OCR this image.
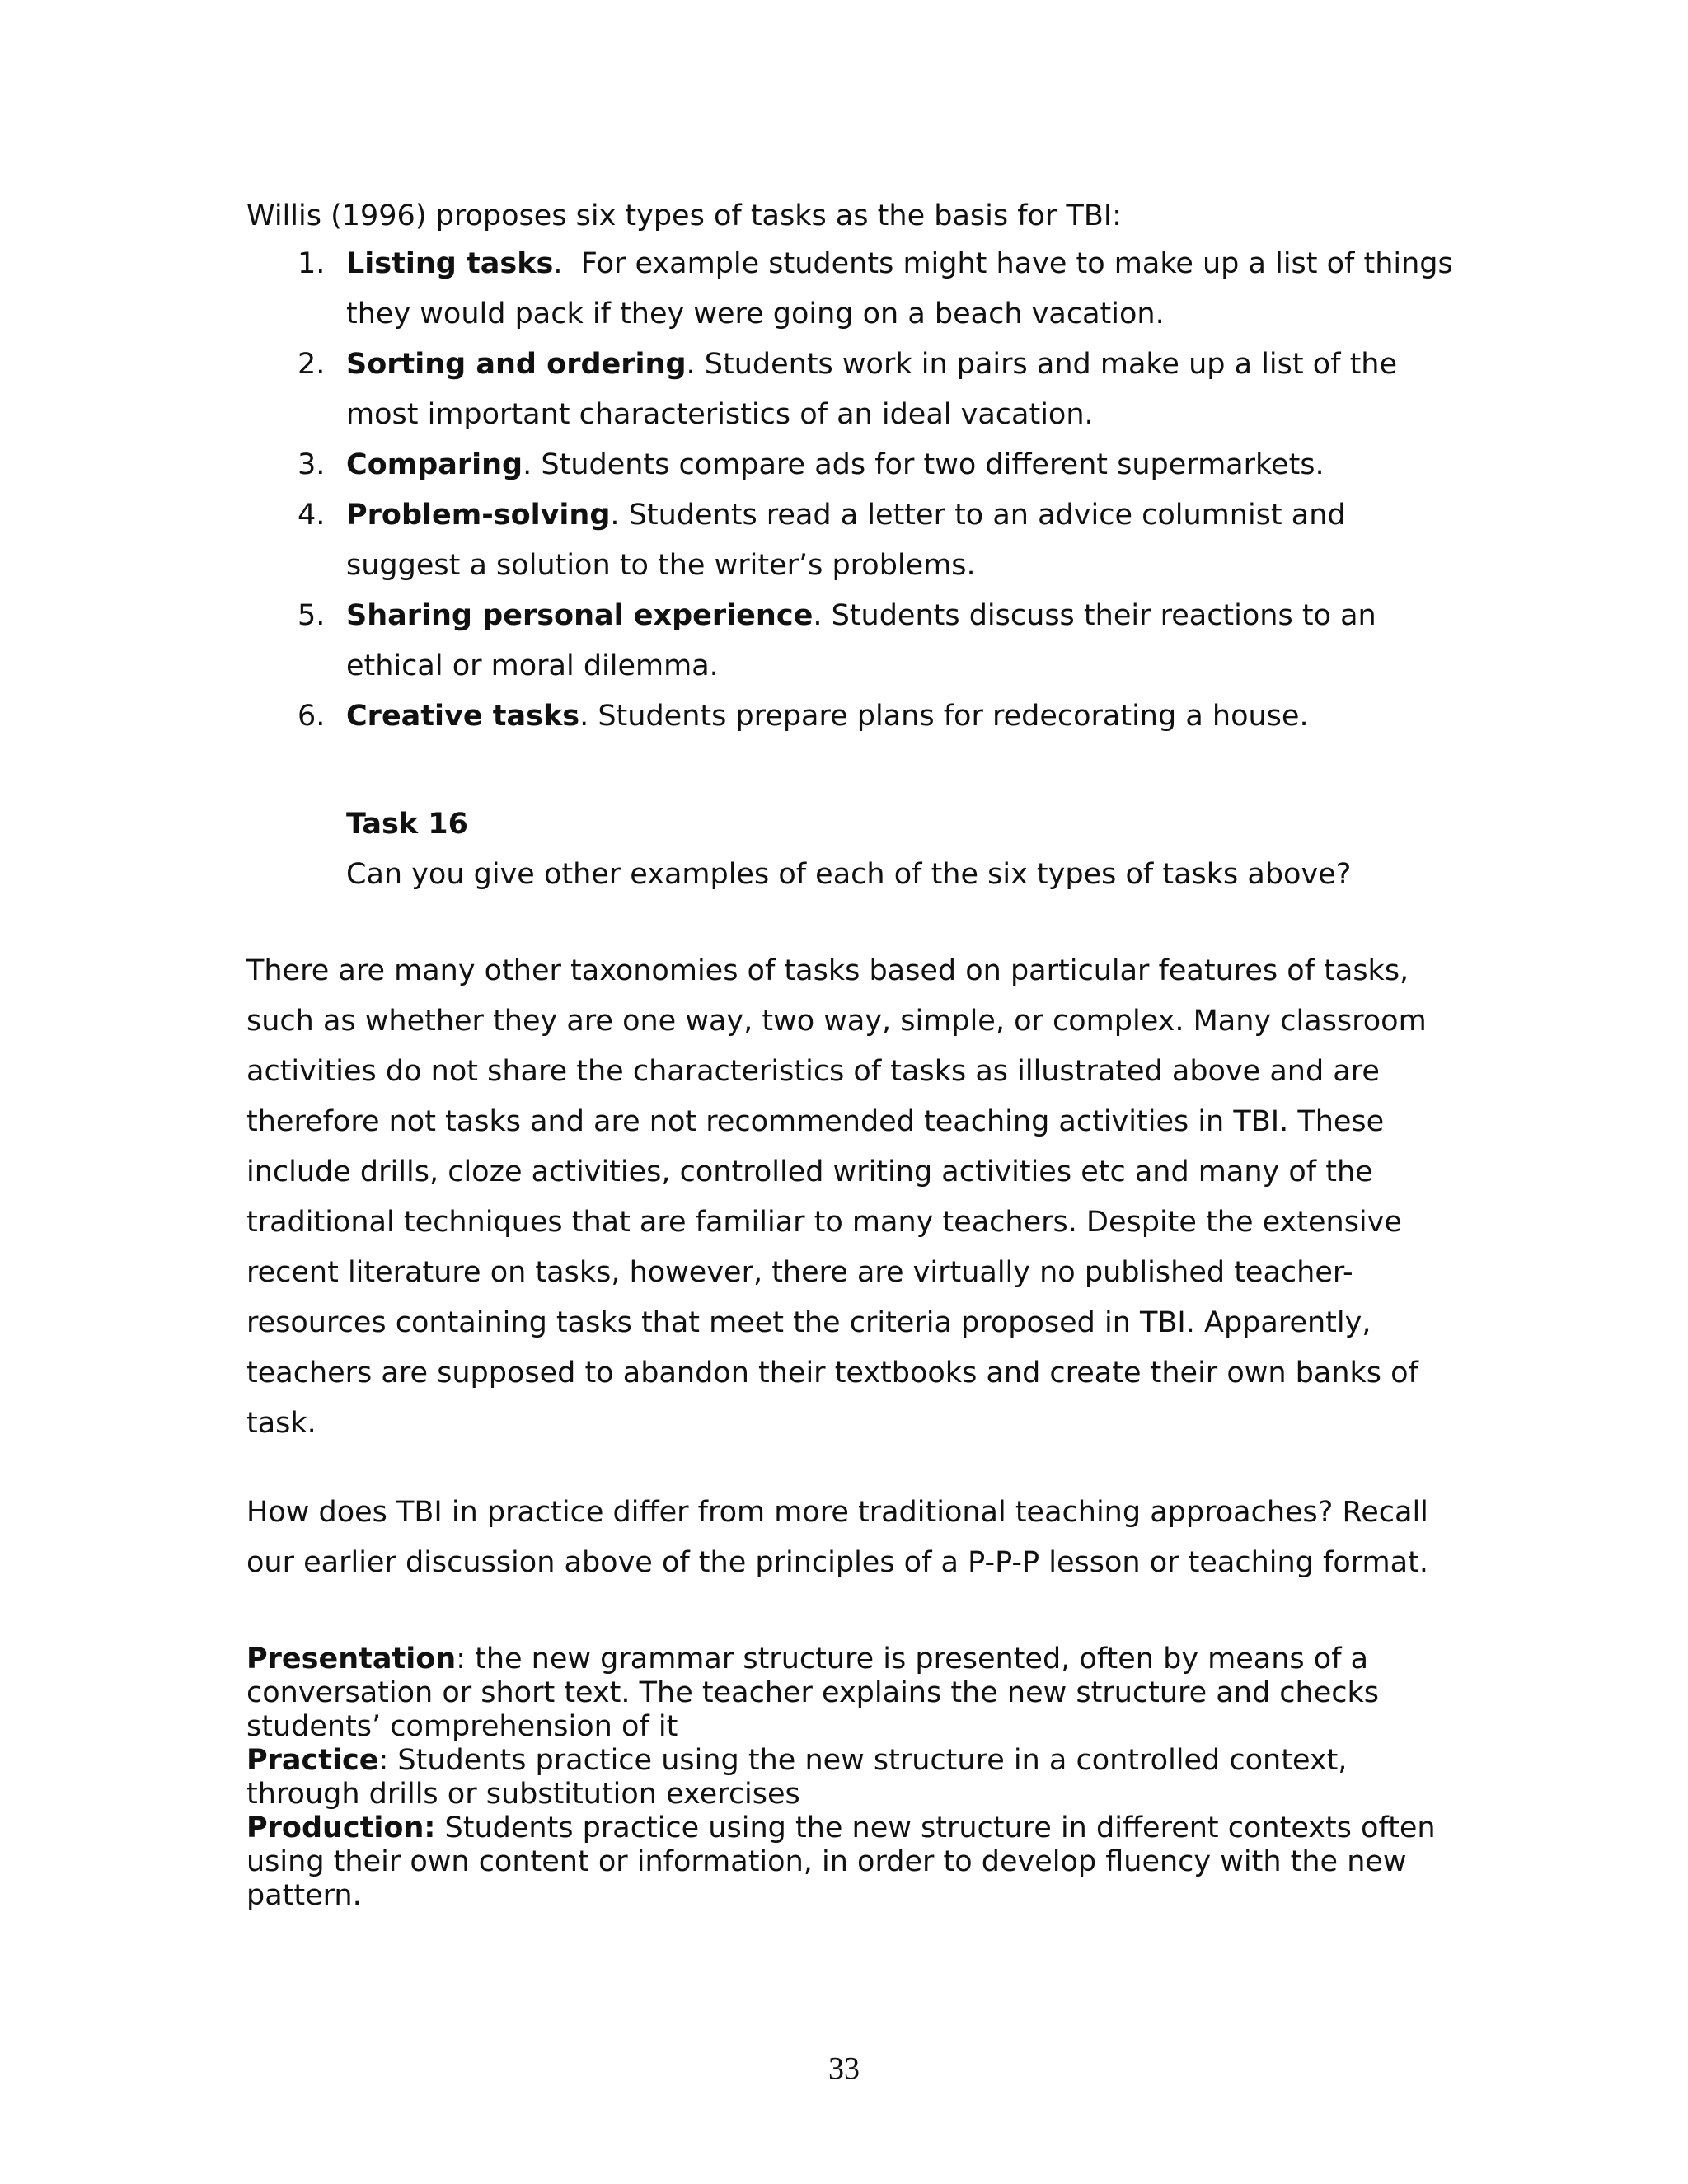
Willis (1996) proposes six types of tasks as the basis for TBI:

1. Listing tasks.  For example students might have to make up a list of things they would pack if they were going on a beach vacation.
2. Sorting and ordering. Students work in pairs and make up a list of the most important characteristics of an ideal vacation.
3. Comparing. Students compare ads for two different supermarkets.
4. Problem-solving. Students read a letter to an advice columnist and suggest a solution to the writer’s problems.
5. Sharing personal experience. Students discuss their reactions to an ethical or moral dilemma.
6. Creative tasks. Students prepare plans for redecorating a house.
Task 16
Can you give other examples of each of the six types of tasks above?

There are many other taxonomies of tasks based on particular features of tasks, such as whether they are one way, two way, simple, or complex. Many classroom activities do not share the characteristics of tasks as illustrated above and are therefore not tasks and are not recommended teaching activities in TBI. These include drills, cloze activities, controlled writing activities etc and many of the traditional techniques that are familiar to many teachers. Despite the extensive recent literature on tasks, however, there are virtually no published teacher-resources containing tasks that meet the criteria proposed in TBI. Apparently, teachers are supposed to abandon their textbooks and create their own banks of task.

How does TBI in practice differ from more traditional teaching approaches? Recall our earlier discussion above of the principles of a P-P-P lesson or teaching format.

Presentation: the new grammar structure is presented, often by means of a conversation or short text. The teacher explains the new structure and checks students’ comprehension of it

Practice: Students practice using the new structure in a controlled context, through drills or substitution exercises

Production: Students practice using the new structure in different contexts often using their own content or information, in order to develop fluency with the new pattern.

33
